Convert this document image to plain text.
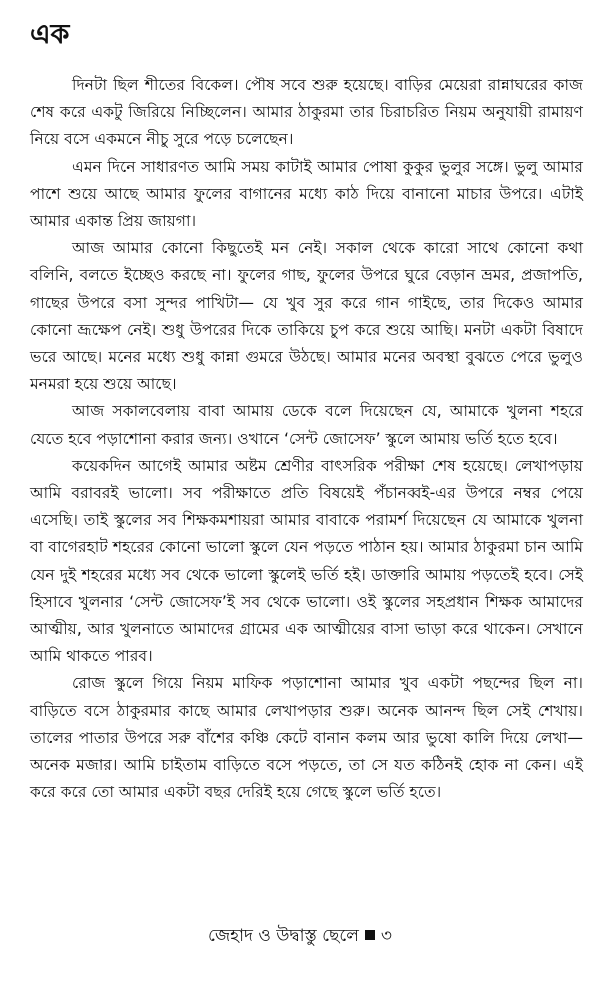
এক

দিনটা ছিল শীতের বিকেল। পৌষ সবে শুরু হয়েছে। বাড়ির মেয়েরা রান্নাঘরের কাজ শেষ করে একটু জিরিয়ে নিচ্ছিলেন। আমার ঠাকুরমা তার চিরাচরিত নিয়ম অনুযায়ী রামায়ণ নিয়ে বসে একমনে নীচু সুরে পড়ে চলেছেন।

এমন দিনে সাধারণত আমি সময় কাটাই আমার পোষা কুকুর ভুলুর সঙ্গে। ভুলু আমার পাশে শুয়ে আছে আমার ফুলের বাগানের মধ্যে কাঠ দিয়ে বানানো মাচার উপরে। এটাই আমার একান্ত প্রিয় জায়গা।

আজ আমার কোনো কিছুতেই মন নেই। সকাল থেকে কারো সাথে কোনো কথা বলিনি, বলতে ইচ্ছেও করছে না। ফুলের গাছ, ফুলের উপরে ঘুরে বেড়ান ভ্রমর, প্রজাপতি, গাছের উপরে বসা সুন্দর পাখিটা— যে খুব সুর করে গান গাইছে, তার দিকেও আমার কোনো ভ্রূক্ষেপ নেই। শুধু উপরের দিকে তাকিয়ে চুপ করে শুয়ে আছি। মনটা একটা বিষাদে ভরে আছে। মনের মধ্যে শুধু কান্না গুমরে উঠছে। আমার মনের অবস্থা বুঝতে পেরে ভুলুও মনমরা হয়ে শুয়ে আছে।

আজ সকালবেলায় বাবা আমায় ডেকে বলে দিয়েছেন যে, আমাকে খুলনা শহরে যেতে হবে পড়াশোনা করার জন্য। ওখানে ‘সেন্ট জোসেফ’ স্কুলে আমায় ভর্তি হতে হবে।

কয়েকদিন আগেই আমার অষ্টম শ্রেণীর বাৎসরিক পরীক্ষা শেষ হয়েছে। লেখাপড়ায় আমি বরাবরই ভালো। সব পরীক্ষাতে প্রতি বিষয়েই পঁচানব্বই-এর উপরে নম্বর পেয়ে এসেছি। তাই স্কুলের সব শিক্ষকমশায়রা আমার বাবাকে পরামর্শ দিয়েছেন যে আমাকে খুলনা বা বাগেরহাট শহরের কোনো ভালো স্কুলে যেন পড়তে পাঠান হয়। আমার ঠাকুরমা চান আমি যেন দুই শহরের মধ্যে সব থেকে ভালো স্কুলেই ভর্তি হই। ডাক্তারি আমায় পড়তেই হবে। সেই হিসাবে খুলনার ‘সেন্ট জোসেফ’ই সব থেকে ভালো। ওই স্কুলের সহপ্রধান শিক্ষক আমাদের আত্মীয়, আর খুলনাতে আমাদের গ্রামের এক আত্মীয়ের বাসা ভাড়া করে থাকেন। সেখানে আমি থাকতে পারব।

রোজ স্কুলে গিয়ে নিয়ম মাফিক পড়াশোনা আমার খুব একটা পছন্দের ছিল না। বাড়িতে বসে ঠাকুরমার কাছে আমার লেখাপড়ার শুরু। অনেক আনন্দ ছিল সেই শেখায়। তালের পাতার উপরে সরু বাঁশের কঞ্চি কেটে বানান কলম আর ভুষো কালি দিয়ে লেখা— অনেক মজার। আমি চাইতাম বাড়িতে বসে পড়তে, তা সে যত কঠিনই হোক না কেন। এই করে করে তো আমার একটা বছর দেরিই হয়ে গেছে স্কুলে ভর্তি হতে।

জেহাদ ও উদ্বাস্তু ছেলে ৩
